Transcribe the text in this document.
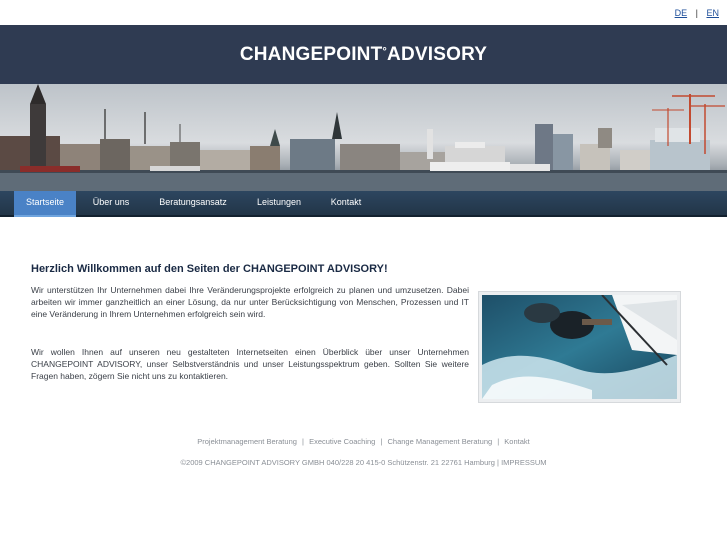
DE | EN
CHANGEPOINT°ADVISORY
Startseite	Über uns	Beratungsansatz	Leistungen	Kontakt
Herzlich Willkommen auf den Seiten der CHANGEPOINT ADVISORY!

Wir unterstützen Ihr Unternehmen dabei Ihre Veränderungsprojekte erfolgreich zu planen und umzusetzen. Dabei arbeiten wir immer ganzheitlich an einer Lösung, da nur unter Berücksichtigung von Menschen, Prozessen und IT eine Veränderung in Ihrem Unternehmen erfolgreich sein wird.

Wir wollen Ihnen auf unseren neu gestalteten Internetseiten einen Überblick über unser Unternehmen CHANGEPOINT ADVISORY, unser Selbstverständnis und unser Leistungsspektrum geben. Sollten Sie weitere Fragen haben, zögern Sie nicht uns zu kontaktieren.

Projektmanagement Beratung | Executive Coaching | Change Management Beratung | Kontakt
©2009 CHANGEPOINT ADVISORY GMBH 040/228 20 415-0 Schützenstr. 21 22761 Hamburg | IMPRESSUM
